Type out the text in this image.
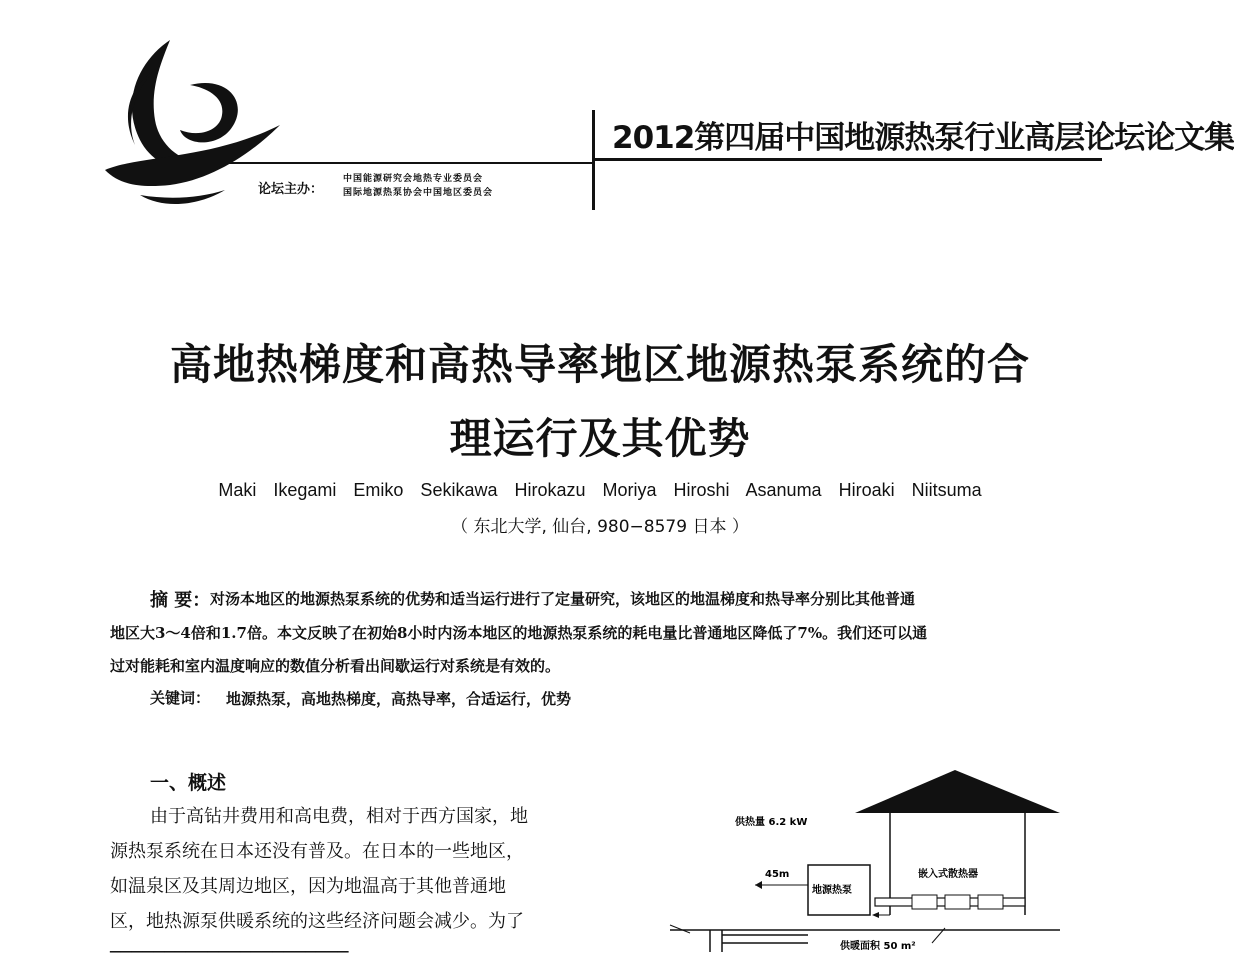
2012第四届中国地源热泵行业高层论坛论文集
论坛主办：
中国能源研究会地热专业委员会
国际地源热泵协会中国地区委员会
高地热梯度和高热导率地区地源热泵系统的合
理运行及其优势
Maki Ikegami Emiko Sekikawa Hirokazu Moriya Hiroshi Asanuma Hiroaki Niitsuma
（ 东北大学, 仙台, 980−8579 日本 ）
摘 要： 对汤本地区的地源热泵系统的优势和适当运行进行了定量研究，该地区的地温梯度和热导率分别比其他普通
地区大3～4倍和1.7倍。本文反映了在初始8小时内汤本地区的地源热泵系统的耗电量比普通地区降低了7%。我们还可以通
过对能耗和室内温度响应的数值分析看出间歇运行对系统是有效的。
关键词： 地源热泵，高地热梯度，高热导率，合适运行，优势
一、概述
由于高钻井费用和高电费，相对于西方国家，地
源热泵系统在日本还没有普及。在日本的一些地区，
如温泉区及其周边地区，因为地温高于其他普通地
区，地热源泵供暖系统的这些经济问题会减少。为了
──────────────────────
供热量 6.2 kW
45m
地源热泵
嵌入式散热器
供暖面积 50 m²
